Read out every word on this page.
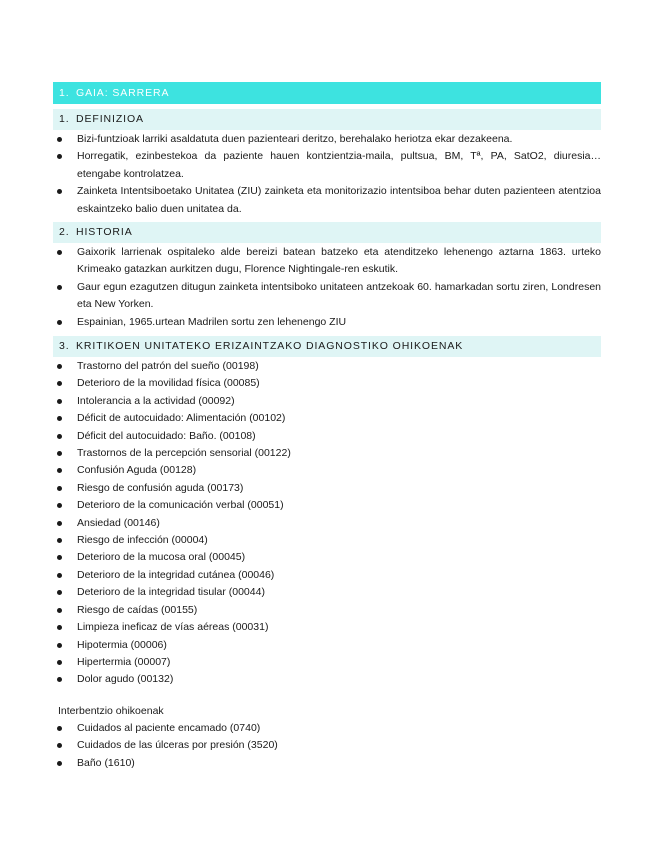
1. GAIA: SARRERA
1. DEFINIZIOA
Bizi-funtzioak larriki asaldatuta duen pazienteari deritzo, berehalako heriotza ekar dezakeena.
Horregatik, ezinbestekoa da paziente hauen kontzientzia-maila, pultsua, BM, Tª, PA, SatO2, diuresia… etengabe kontrolatzea.
Zainketa Intentsiboetako Unitatea (ZIU) zainketa eta monitorizazio intentsiboa behar duten pazienteen atentzioa eskaintzeko balio duen unitatea da.
2. HISTORIA
Gaixorik larrienak ospitaleko alde bereizi batean batzeko eta atenditzeko lehenengo aztarna 1863. urteko Krimeako gatazkan aurkitzen dugu, Florence Nightingale-ren eskutik.
Gaur egun ezagutzen ditugun zainketa intentsiboko unitateen antzekoak 60. hamarkadan sortu ziren, Londresen eta New Yorken.
Espainian, 1965.urtean Madrilen sortu zen lehenengo ZIU
3. KRITIKOEN UNITATEKO ERIZAINTZAKO DIAGNOSTIKO OHIKOENAK
Trastorno del patrón del sueño (00198)
Deterioro de la movilidad física (00085)
Intolerancia a la actividad (00092)
Déficit de autocuidado: Alimentación (00102)
Déficit del autocuidado: Baño. (00108)
Trastornos de la percepción sensorial (00122)
Confusión Aguda (00128)
Riesgo de confusión aguda (00173)
Deterioro de la comunicación verbal (00051)
Ansiedad (00146)
Riesgo de infección (00004)
Deterioro de la mucosa oral (00045)
Deterioro de la integridad cutánea (00046)
Deterioro de la integridad tisular (00044)
Riesgo de caídas (00155)
Limpieza ineficaz de vías aéreas (00031)
Hipotermia (00006)
Hipertermia (00007)
Dolor agudo (00132)
Interbentzio ohikoenak
Cuidados al paciente encamado (0740)
Cuidados de las úlceras por presión (3520)
Baño (1610)
